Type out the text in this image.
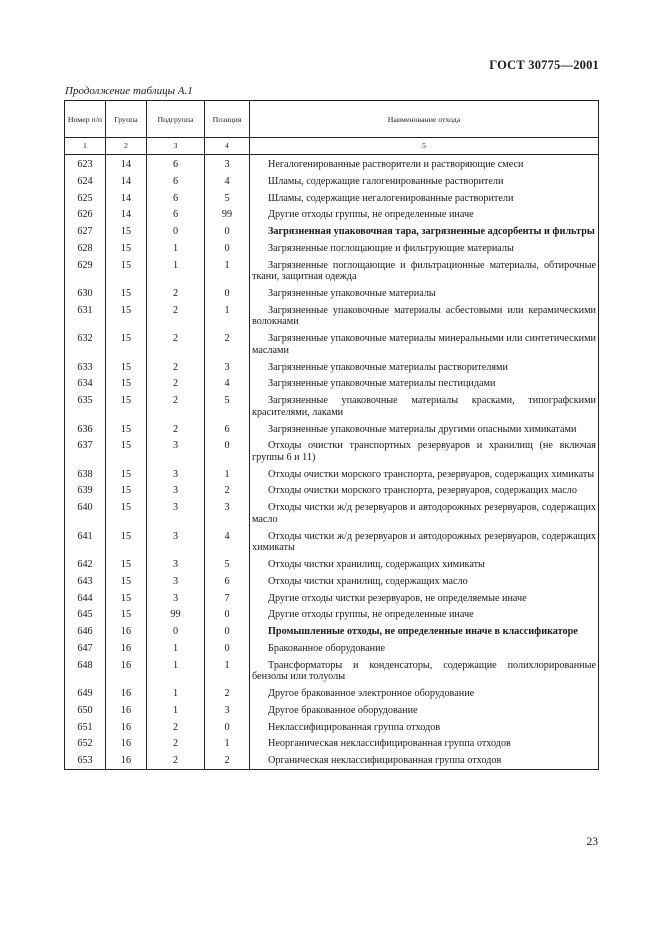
ГОСТ 30775—2001
Продолжение таблицы А.1
Номер п/п	Группа	Подгруппа	Позиция	Наименование отхода
1	2	3	4	5
623	14	6	3	Негалогенированные растворители и растворяющие смеси
624	14	6	4	Шламы, содержащие галогенированные растворители
625	14	6	5	Шламы, содержащие негалогенированные растворители
626	14	6	99	Другие отходы группы, не определенные иначе
627	15	0	0	Загрязненная упаковочная тара, загрязненные адсорбенты и фильтры
628	15	1	0	Загрязненные поглощающие и фильтрующие материалы
629	15	1	1	Загрязненные поглощающие и фильтрационные материалы, обтирочные ткани, защитная одежда
630	15	2	0	Загрязненные упаковочные материалы
631	15	2	1	Загрязненные упаковочные материалы асбестовыми или керамическими волокнами
632	15	2	2	Загрязненные упаковочные материалы минеральными или синтетическими маслами
633	15	2	3	Загрязненные упаковочные материалы растворителями
634	15	2	4	Загрязненные упаковочные материалы пестицидами
635	15	2	5	Загрязненные упаковочные материалы красками, типографскими красителями, лаками
636	15	2	6	Загрязненные упаковочные материалы другими опасными химикатами
637	15	3	0	Отходы очистки транспортных резервуаров и хранилищ (не включая группы 6 и 11)
638	15	3	1	Отходы очистки морского транспорта, резервуаров, содержащих химикаты
639	15	3	2	Отходы очистки морского транспорта, резервуаров, содержащих масло
640	15	3	3	Отходы чистки ж/д резервуаров и автодорожных резервуаров, содержащих масло
641	15	3	4	Отходы чистки ж/д резервуаров и автодорожных резервуаров, содержащих химикаты
642	15	3	5	Отходы чистки хранилищ, содержащих химикаты
643	15	3	6	Отходы чистки хранилищ, содержащих масло
644	15	3	7	Другие отходы чистки резервуаров, не определяемые иначе
645	15	99	0	Другие отходы группы, не определенные иначе
646	16	0	0	Промышленные отходы, не определенные иначе в классификаторе
647	16	1	0	Бракованное оборудование
648	16	1	1	Трансформаторы и конденсаторы, содержащие полихлорированные бензолы или толуолы
649	16	1	2	Другое бракованное электронное оборудование
650	16	1	3	Другое бракованное оборудование
651	16	2	0	Неклассифицированная группа отходов
652	16	2	1	Неорганическая неклассифицированная группа отходов
653	16	2	2	Органическая неклассифицированная группа отходов
23
